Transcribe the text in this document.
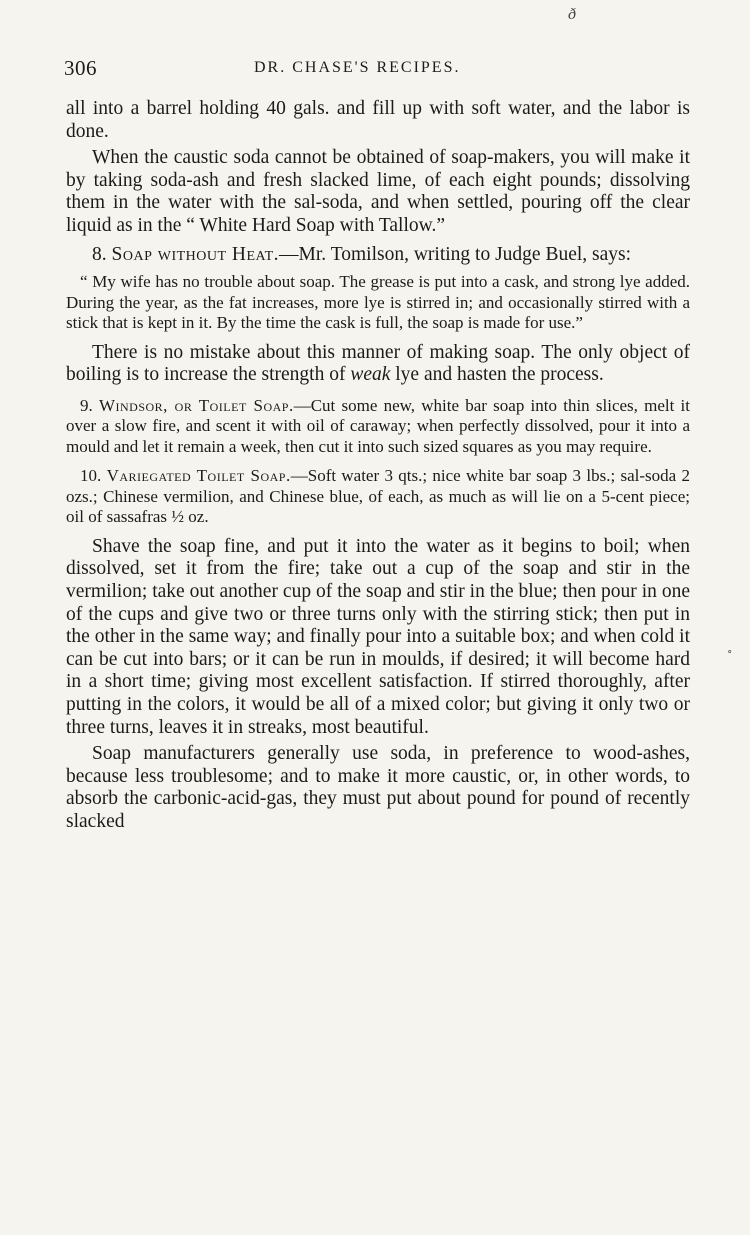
ð
306	DR. CHASE'S RECIPES.

all into a barrel holding 40 gals. and fill up with soft water, and the labor is done.

When the caustic soda cannot be obtained of soap-makers, you will make it by taking soda-ash and fresh slacked lime, of each eight pounds; dissolving them in the water with the sal-soda, and when settled, pouring off the clear liquid as in the “ White Hard Soap with Tallow.”

8. Soap without Heat.—Mr. Tomilson, writing to Judge Buel, says:

“ My wife has no trouble about soap. The grease is put into a cask, and strong lye added. During the year, as the fat increases, more lye is stirred in; and occasionally stirred with a stick that is kept in it. By the time the cask is full, the soap is made for use.”

There is no mistake about this manner of making soap. The only object of boiling is to increase the strength of weak lye and hasten the process.

9. Windsor, or Toilet Soap.—Cut some new, white bar soap into thin slices, melt it over a slow fire, and scent it with oil of caraway; when perfectly dissolved, pour it into a mould and let it remain a week, then cut it into such sized squares as you may require.

10. Variegated Toilet Soap.—Soft water 3 qts.; nice white bar soap 3 lbs.; sal-soda 2 ozs.; Chinese vermilion, and Chinese blue, of each, as much as will lie on a 5-cent piece; oil of sassafras ½ oz.

Shave the soap fine, and put it into the water as it begins to boil; when dissolved, set it from the fire; take out a cup of the soap and stir in the vermilion; take out another cup of the soap and stir in the blue; then pour in one of the cups and give two or three turns only with the stirring stick; then put in the other in the same way; and finally pour into a suitable box; and when cold it can be cut into bars; or it can be run in moulds, if desired; it will become hard in a short time; giving most excellent satisfaction. If stirred thoroughly, after putting in the colors, it would be all of a mixed color; but giving it only two or three turns, leaves it in streaks, most beautiful.

Soap manufacturers generally use soda, in preference to wood-ashes, because less troublesome; and to make it more caustic, or, in other words, to absorb the carbonic-acid-gas, they must put about pound for pound of recently slacked

∘
